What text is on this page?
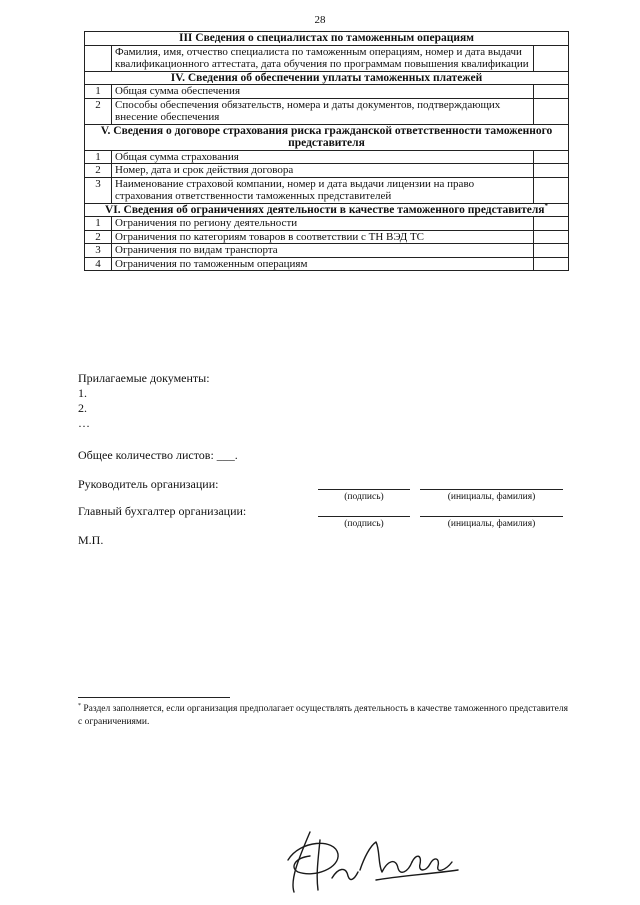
28
III Сведения о специалистах по таможенным операциям		
	Фамилия, имя, отчество специалиста по таможенным операциям, номер и дата выдачи квалификационного аттестата, дата обучения по программам повышения квалификации	
IV. Сведения об обеспечении уплаты таможенных платежей		
1	Общая сумма обеспечения	
2	Способы обеспечения обязательств, номера и даты документов, подтверждающих внесение обеспечения	
V. Сведения о договоре страхования риска гражданской ответственности таможенного представителя		
1	Общая сумма страхования	
2	Номер, дата и срок действия договора	
3	Наименование страховой компании, номер и дата выдачи лицензии на право страхования ответственности таможенных представителей	
VI. Сведения об ограничениях деятельности в качестве таможенного представителя*
1	Ограничения по региону деятельности	
2	Ограничения по категориям товаров в соответствии с ТН ВЭД ТС	
3	Ограничения по видам транспорта	
4	Ограничения по таможенным операциям	
Прилагаемые документы:
1.
2.
…
Общее количество листов: ___.
Руководитель организации:
(подпись)	(инициалы, фамилия)
Главный бухгалтер организации:
(подпись)	(инициалы, фамилия)
М.П.
* Раздел заполняется, если организация предполагает осуществлять деятельность в качестве таможенного представителя с ограничениями.
